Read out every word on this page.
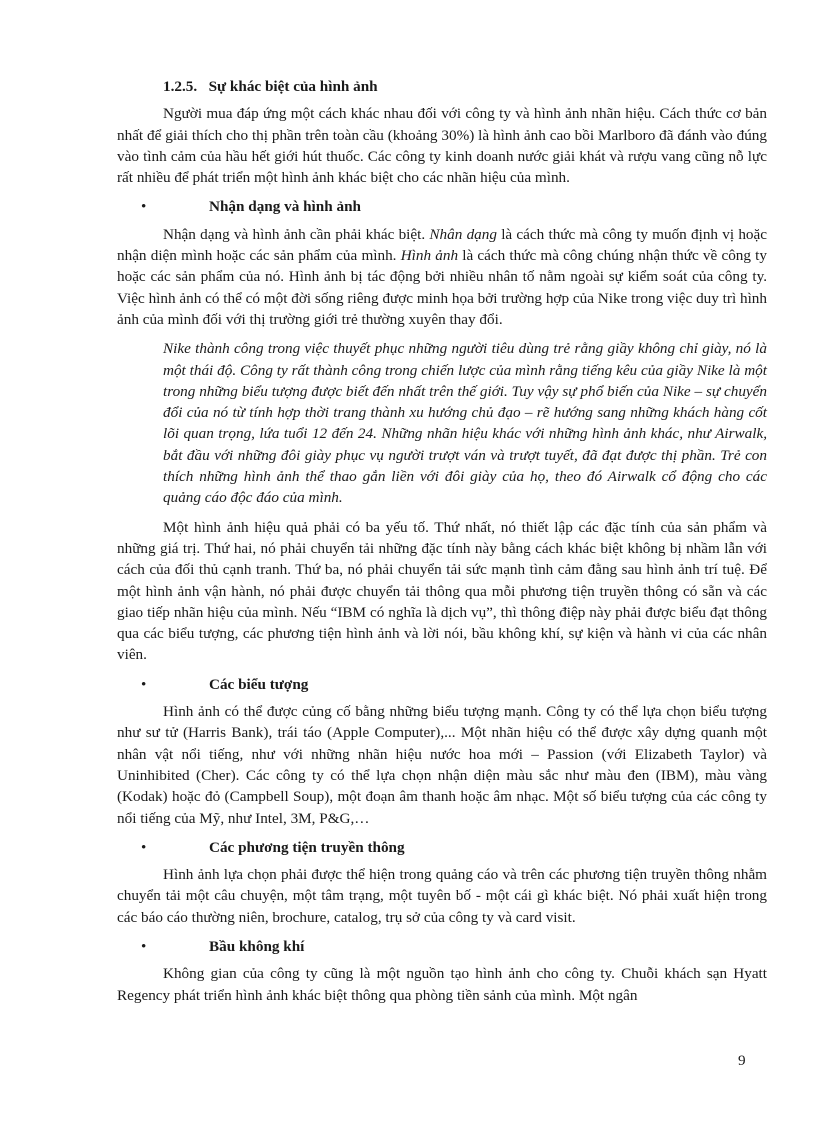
1.2.5. Sự khác biệt của hình ảnh

Người mua đáp ứng một cách khác nhau đối với công ty và hình ảnh nhãn hiệu. Cách thức cơ bản nhất để giải thích cho thị phần trên toàn cầu (khoảng 30%) là hình ảnh cao bồi Marlboro đã đánh vào đúng vào tình cảm của hầu hết giới hút thuốc. Các công ty kinh doanh nước giải khát và rượu vang cũng nỗ lực rất nhiều để phát triển một hình ảnh khác biệt cho các nhãn hiệu của mình.

•	Nhận dạng và hình ảnh

Nhận dạng và hình ảnh cần phải khác biệt. Nhân dạng là cách thức mà công ty muốn định vị hoặc nhận diện mình hoặc các sản phẩm của mình. Hình ảnh là cách thức mà công chúng nhận thức về công ty hoặc các sản phẩm của nó. Hình ảnh bị tác động bởi nhiều nhân tố nằm ngoài sự kiểm soát của công ty. Việc hình ảnh có thể có một đời sống riêng được minh họa bởi trường hợp của Nike trong việc duy trì hình ảnh của mình đối với thị trường giới trẻ thường xuyên thay đổi.

Nike thành công trong việc thuyết phục những người tiêu dùng trẻ rằng giầy không chỉ giày, nó là một thái độ. Công ty rất thành công trong chiến lược của mình rằng tiếng kêu của giầy Nike là một trong những biểu tượng được biết đến nhất trên thế giới. Tuy vậy sự phổ biến của Nike – sự chuyển đổi của nó từ tính hợp thời trang thành xu hướng chủ đạo – rẽ hướng sang những khách hàng cốt lõi quan trọng, lứa tuổi 12 đến 24. Những nhãn hiệu khác với những hình ảnh khác, như Airwalk, bắt đầu với những đôi giày phục vụ người trượt ván và trượt tuyết, đã đạt được thị phần. Trẻ con thích những hình ảnh thể thao gắn liền với đôi giày của họ, theo đó Airwalk cổ động cho các quảng cáo độc đáo của mình.

Một hình ảnh hiệu quả phải có ba yếu tố. Thứ nhất, nó thiết lập các đặc tính của sản phẩm và những giá trị. Thứ hai, nó phải chuyển tải những đặc tính này bằng cách khác biệt không bị nhầm lẫn với cách của đối thủ cạnh tranh. Thứ ba, nó phải chuyển tải sức mạnh tình cảm đằng sau hình ảnh trí tuệ. Để một hình ảnh vận hành, nó phải được chuyển tải thông qua mỗi phương tiện truyền thông có sẵn và các giao tiếp nhãn hiệu của mình. Nếu “IBM có nghĩa là dịch vụ”, thì thông điệp này phải được biểu đạt thông qua các biểu tượng, các phương tiện hình ảnh và lời nói, bầu không khí, sự kiện và hành vi của các nhân viên.

•	Các biểu tượng

Hình ảnh có thể được củng cố bằng những biểu tượng mạnh. Công ty có thể lựa chọn biểu tượng như sư tử (Harris Bank), trái táo (Apple Computer),... Một nhãn hiệu có thể được xây dựng quanh một nhân vật nổi tiếng, như với những nhãn hiệu nước hoa mới – Passion (với Elizabeth Taylor) và Uninhibited (Cher). Các công ty có thể lựa chọn nhận diện màu sắc như màu đen (IBM), màu vàng (Kodak) hoặc đỏ (Campbell Soup), một đoạn âm thanh hoặc âm nhạc. Một số biểu tượng của các công ty nổi tiếng của Mỹ, như Intel, 3M, P&G,…

•	Các phương tiện truyền thông

Hình ảnh lựa chọn phải được thể hiện trong quảng cáo và trên các phương tiện truyền thông nhằm chuyển tải một câu chuyện, một tâm trạng, một tuyên bố - một cái gì khác biệt. Nó phải xuất hiện trong các báo cáo thường niên, brochure, catalog, trụ sở của công ty và card visit.

•	Bầu không khí

Không gian của công ty cũng là một nguồn tạo hình ảnh cho công ty. Chuỗi khách sạn Hyatt Regency phát triển hình ảnh khác biệt thông qua phòng tiền sảnh của mình. Một ngân

9
